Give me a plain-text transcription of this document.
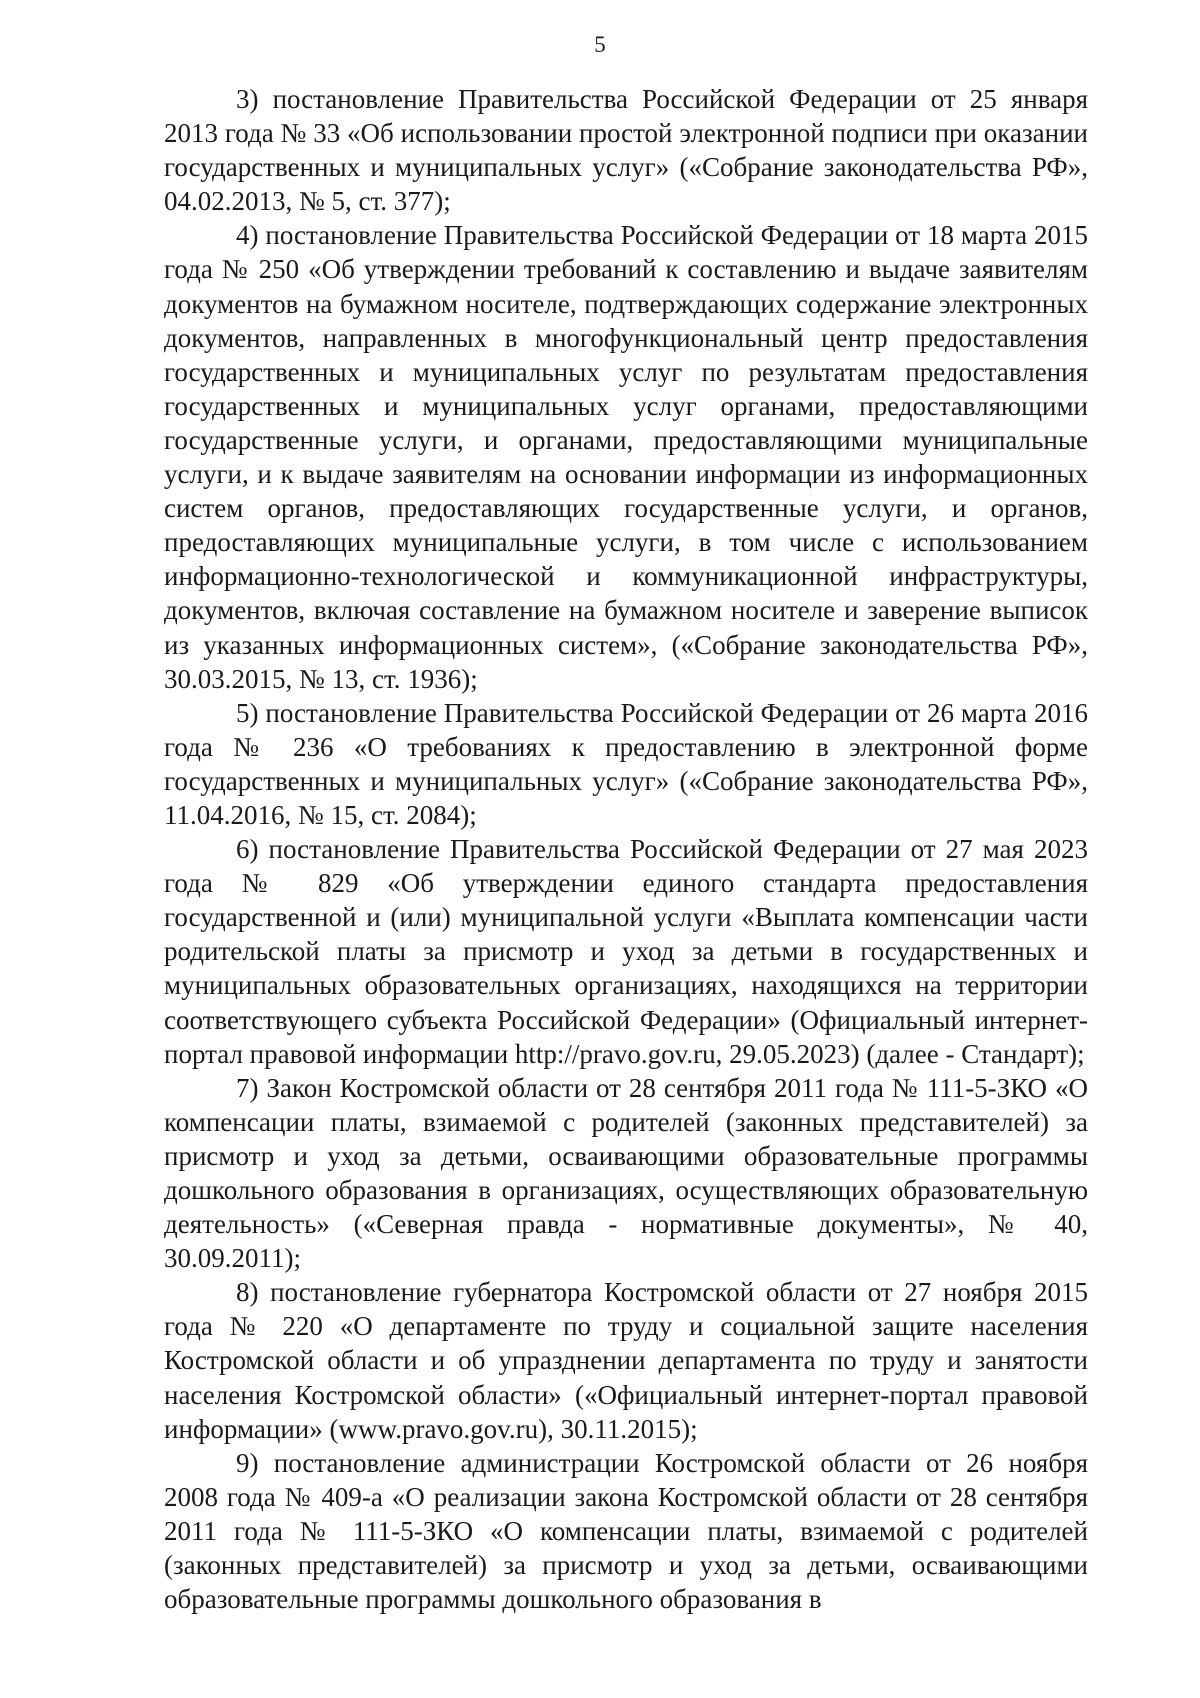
5

3) постановление Правительства Российской Федерации от 25 января 2013 года № 33 «Об использовании простой электронной подписи при оказании государственных и муниципальных услуг» («Собрание законодательства РФ», 04.02.2013, № 5, ст. 377);

4) постановление Правительства Российской Федерации от 18 марта 2015 года № 250 «Об утверждении требований к составлению и выдаче заявителям документов на бумажном носителе, подтверждающих содержание электронных документов, направленных в многофункциональный центр предоставления государственных и муниципальных услуг по результатам предоставления государственных и муниципальных услуг органами, предоставляющими государственные услуги, и органами, предоставляющими муниципальные услуги, и к выдаче заявителям на основании информации из информационных систем органов, предоставляющих государственные услуги, и органов, предоставляющих муниципальные услуги, в том числе с использованием информационно-технологической и коммуникационной инфраструктуры, документов, включая составление на бумажном носителе и заверение выписок из указанных информационных систем», («Собрание законодательства РФ», 30.03.2015, № 13, ст. 1936);

5) постановление Правительства Российской Федерации от 26 марта 2016 года № 236 «О требованиях к предоставлению в электронной форме государственных и муниципальных услуг» («Собрание законодательства РФ», 11.04.2016, № 15, ст. 2084);

6) постановление Правительства Российской Федерации от 27 мая 2023 года № 829 «Об утверждении единого стандарта предоставления государственной и (или) муниципальной услуги «Выплата компенсации части родительской платы за присмотр и уход за детьми в государственных и муниципальных образовательных организациях, находящихся на территории соответствующего субъекта Российской Федерации» (Официальный интернет-портал правовой информации http://pravo.gov.ru, 29.05.2023) (далее - Стандарт);

7) Закон Костромской области от 28 сентября 2011 года № 111-5-ЗКО «О компенсации платы, взимаемой с родителей (законных представителей) за присмотр и уход за детьми, осваивающими образовательные программы дошкольного образования в организациях, осуществляющих образовательную деятельность» («Северная правда - нормативные документы», № 40, 30.09.2011);

8) постановление губернатора Костромской области от 27 ноября 2015 года № 220 «О департаменте по труду и социальной защите населения Костромской области и об упразднении департамента по труду и занятости населения Костромской области» («Официальный интернет-портал правовой информации» (www.pravo.gov.ru), 30.11.2015);

9) постановление администрации Костромской области от 26 ноября 2008 года № 409-а «О реализации закона Костромской области от 28 сентября 2011 года № 111-5-ЗКО «О компенсации платы, взимаемой с родителей (законных представителей) за присмотр и уход за детьми, осваивающими образовательные программы дошкольного образования в
